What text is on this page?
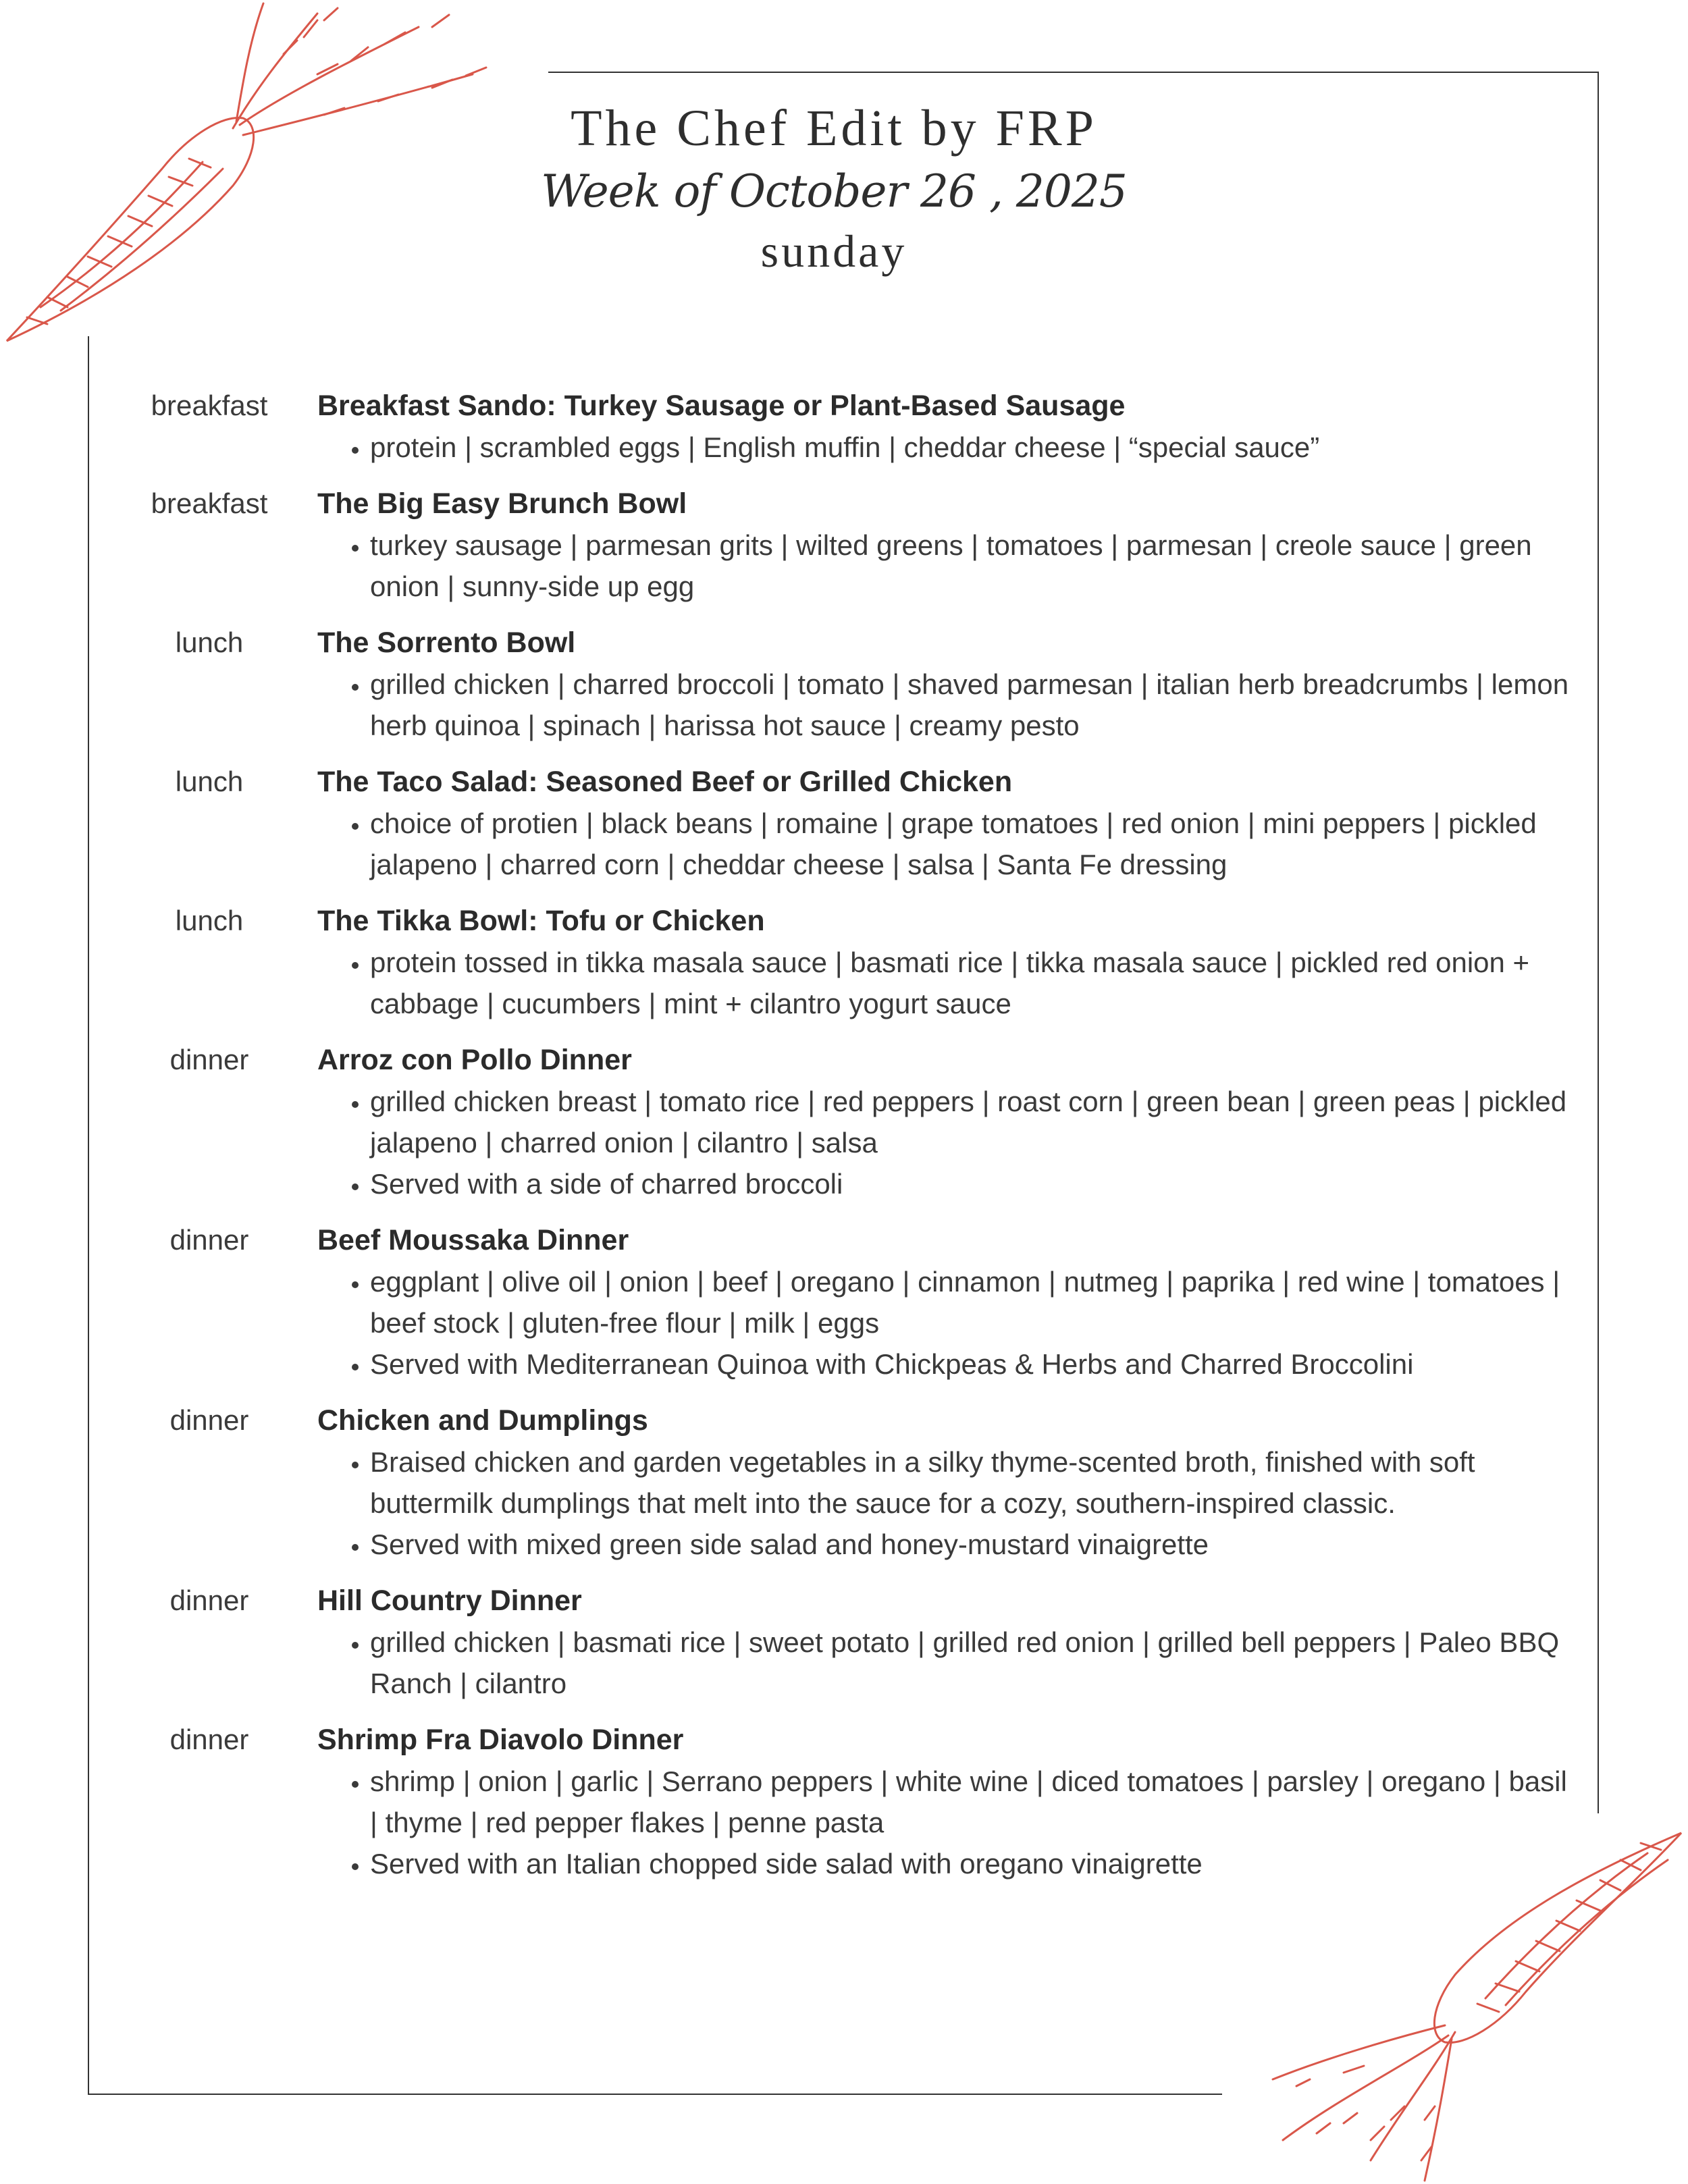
The Chef Edit by FRP
Week of October 26 , 2025
sunday
breakfast	Breakfast Sando: Turkey Sausage or Plant-Based Sausage
• protein | scrambled eggs | English muffin | cheddar cheese | “special sauce”
breakfast	The Big Easy Brunch Bowl
• turkey sausage | parmesan grits | wilted greens | tomatoes | parmesan | creole sauce | green onion | sunny-side up egg
lunch	The Sorrento Bowl
• grilled chicken | charred broccoli | tomato | shaved parmesan | italian herb breadcrumbs | lemon herb quinoa | spinach | harissa hot sauce | creamy pesto
lunch	The Taco Salad: Seasoned Beef or Grilled Chicken
• choice of protien | black beans | romaine | grape tomatoes | red onion | mini peppers | pickled jalapeno | charred corn | cheddar cheese | salsa | Santa Fe dressing
lunch	The Tikka Bowl: Tofu or Chicken
• protein tossed in tikka masala sauce | basmati rice | tikka masala sauce | pickled red onion + cabbage | cucumbers | mint + cilantro yogurt sauce
dinner	Arroz con Pollo Dinner
• grilled chicken breast | tomato rice | red peppers | roast corn | green bean | green peas | pickled jalapeno | charred onion | cilantro | salsa
• Served with a side of charred broccoli
dinner	Beef Moussaka Dinner
• eggplant | olive oil | onion | beef | oregano | cinnamon | nutmeg | paprika | red wine | tomatoes | beef stock | gluten-free flour | milk | eggs
• Served with Mediterranean Quinoa with Chickpeas & Herbs and Charred Broccolini
dinner	Chicken and Dumplings
• Braised chicken and garden vegetables in a silky thyme-scented broth, finished with soft buttermilk dumplings that melt into the sauce for a cozy, southern-inspired classic.
• Served with mixed green side salad and honey-mustard vinaigrette
dinner	Hill Country Dinner
• grilled chicken | basmati rice | sweet potato | grilled red onion | grilled bell peppers | Paleo BBQ Ranch | cilantro
dinner	Shrimp Fra Diavolo Dinner
• shrimp | onion | garlic | Serrano peppers | white wine | diced tomatoes | parsley | oregano | basil | thyme | red pepper flakes | penne pasta
• Served with an Italian chopped side salad with oregano vinaigrette
